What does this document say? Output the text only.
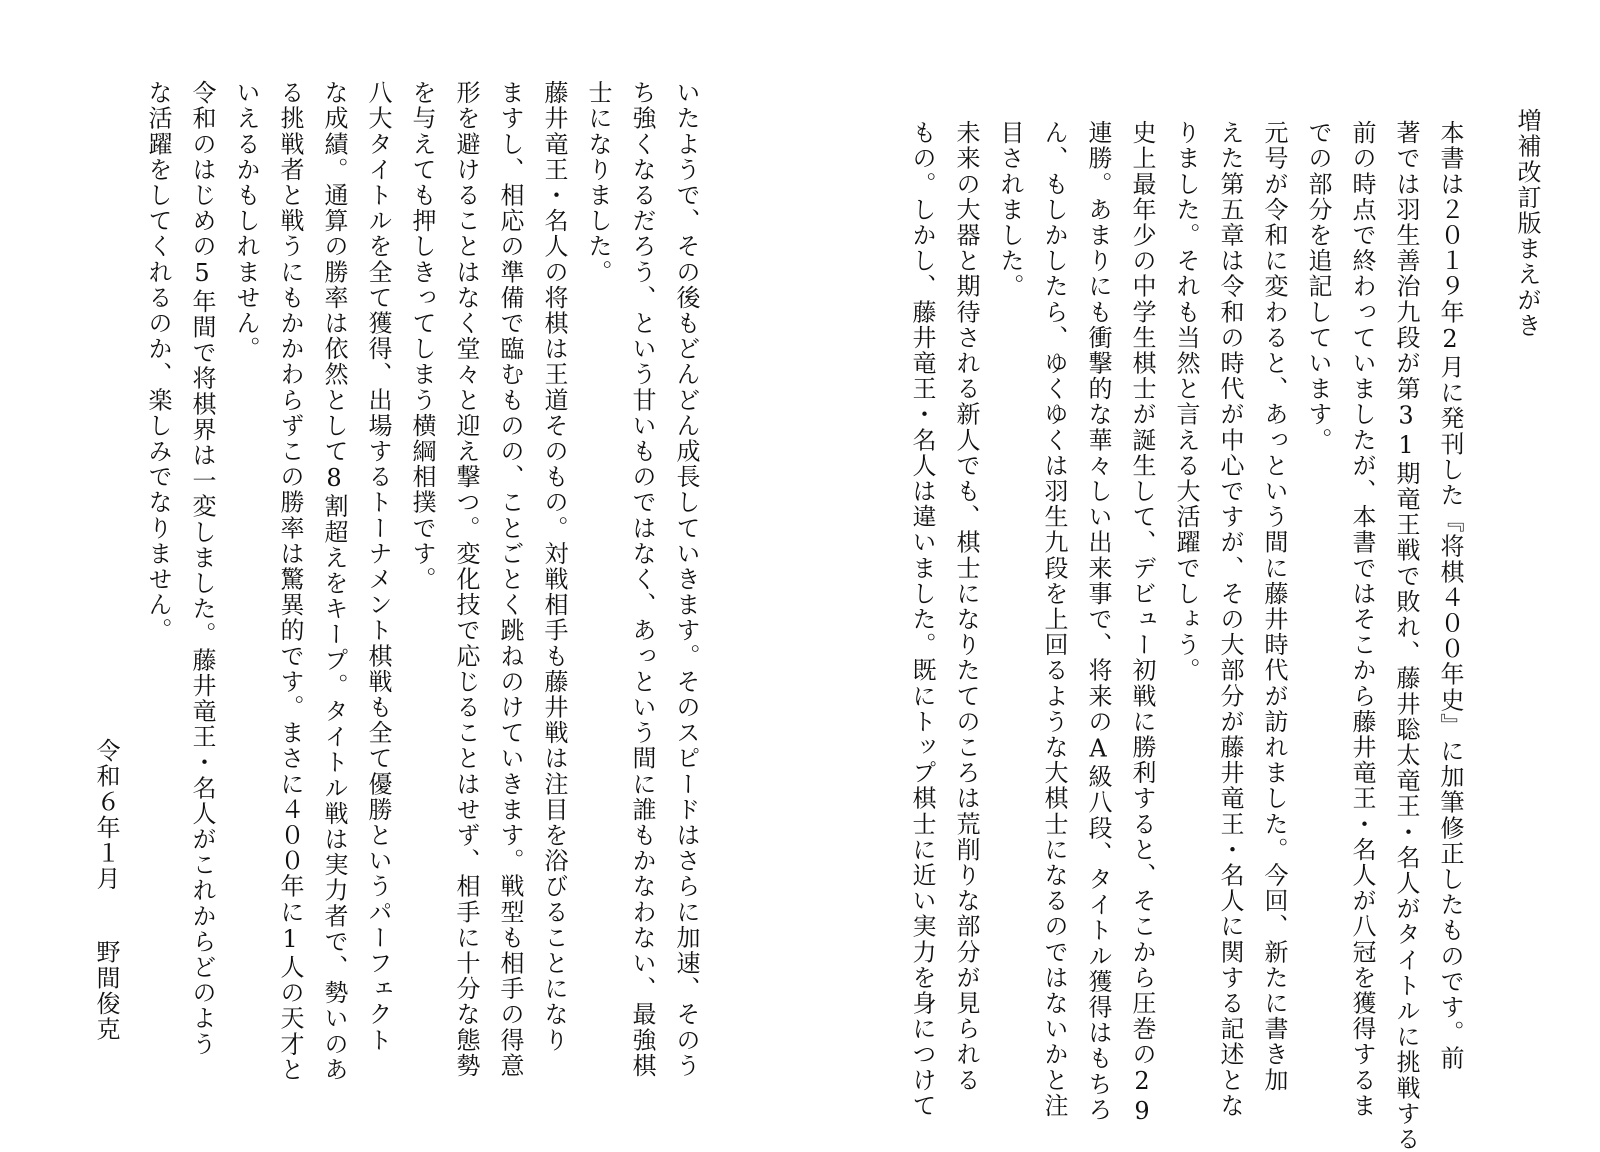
増補改訂版まえがき

本書は２０１９年2月に発刊した『将棋４００年史』に加筆修正したものです。前

著では羽生善治九段が第31期竜王戦で敗れ、藤井聡太竜王・名人がタイトルに挑戦する

前の時点で終わっていましたが、本書ではそこから藤井竜王・名人が八冠を獲得するま

での部分を追記しています。

元号が令和に変わると、あっという間に藤井時代が訪れました。今回、新たに書き加

えた第五章は令和の時代が中心ですが、その大部分が藤井竜王・名人に関する記述とな

りました。それも当然と言える大活躍でしょう。

史上最年少の中学生棋士が誕生して、デビュー初戦に勝利すると、そこから圧巻の29

連勝。あまりにも衝撃的な華々しい出来事で、将来のA級八段、タイトル獲得はもちろ

ん、もしかしたら、ゆくゆくは羽生九段を上回るような大棋士になるのではないかと注

目されました。

未来の大器と期待される新人でも、棋士になりたてのころは荒削りな部分が見られる

もの。しかし、藤井竜王・名人は違いました。既にトップ棋士に近い実力を身につけて

いたようで、その後もどんどん成長していきます。そのスピードはさらに加速、そのう

ち強くなるだろう、という甘いものではなく、あっという間に誰もかなわない、最強棋

士になりました。

藤井竜王・名人の将棋は王道そのもの。対戦相手も藤井戦は注目を浴びることになり

ますし、相応の準備で臨むものの、ことごとく跳ねのけていきます。戦型も相手の得意

形を避けることはなく堂々と迎え撃つ。変化技で応じることはせず、相手に十分な態勢

を与えても押しきってしまう横綱相撲です。

八大タイトルを全て獲得、出場するトーナメント棋戦も全て優勝というパーフェクト

な成績。通算の勝率は依然として8割超えをキープ。タイトル戦は実力者で、勢いのあ

る挑戦者と戦うにもかかわらずこの勝率は驚異的です。まさに４００年に1人の天才と

いえるかもしれません。

令和のはじめの5年間で将棋界は一変しました。藤井竜王・名人がこれからどのよう

な活躍をしてくれるのか、楽しみでなりません。

令和６年１月野間俊克
